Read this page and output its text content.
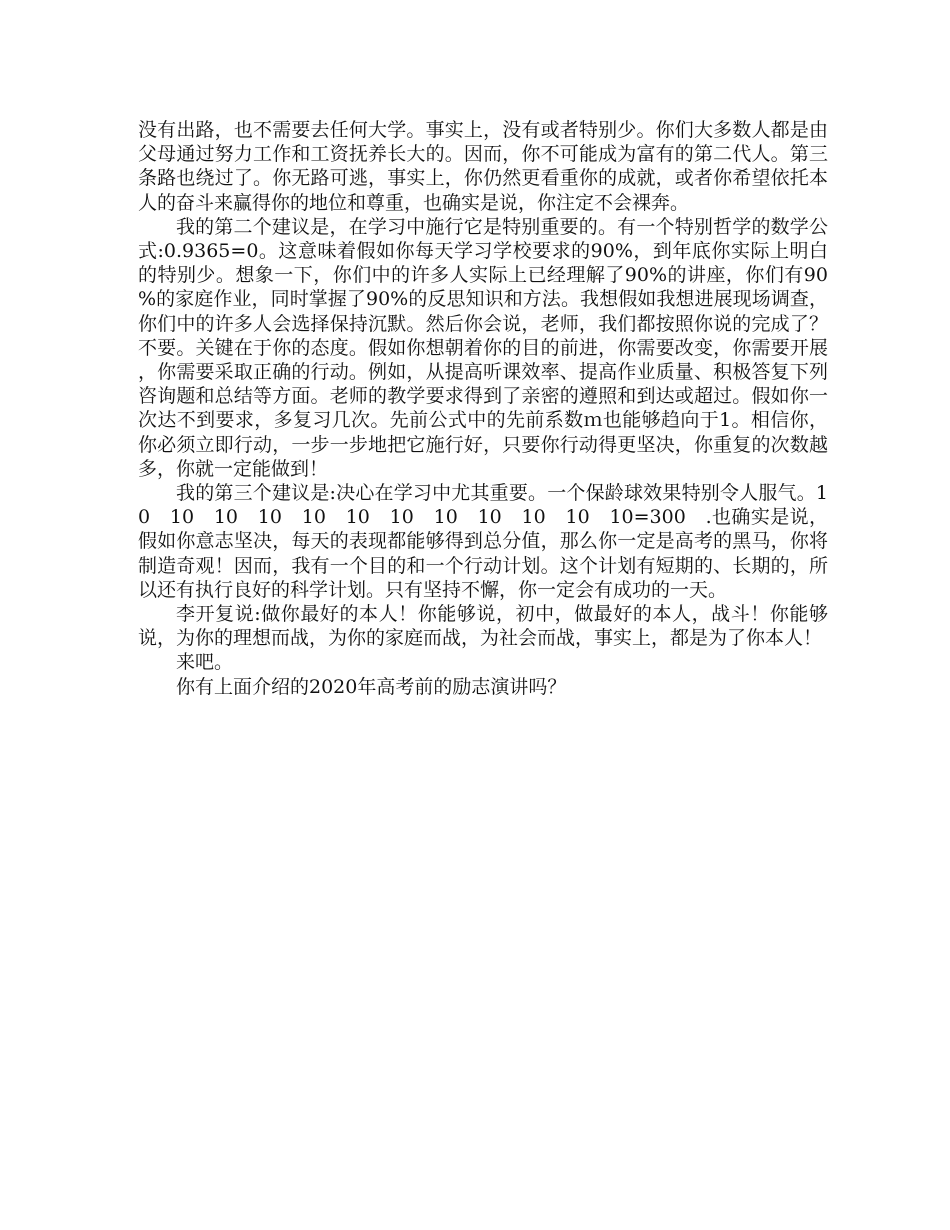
没有出路，也不需要去任何大学。事实上，没有或者特别少。你们大多数人都是由父母通过努力工作和工资抚养长大的。因而，你不可能成为富有的第二代人。第三条路也绕过了。你无路可逃，事实上，你仍然更看重你的成就，或者你希望依托本人的奋斗来赢得你的地位和尊重，也确实是说，你注定不会裸奔。

我的第二个建议是，在学习中施行它是特别重要的。有一个特别哲学的数学公式:0.9365=0。这意味着假如你每天学习学校要求的90%，到年底你实际上明白的特别少。想象一下，你们中的许多人实际上已经理解了90%的讲座，你们有90%的家庭作业，同时掌握了90%的反思知识和方法。我想假如我想进展现场调查，你们中的许多人会选择保持沉默。然后你会说，老师，我们都按照你说的完成了？不要。关键在于你的态度。假如你想朝着你的目的前进，你需要改变，你需要开展，你需要采取正确的行动。例如，从提高听课效率、提高作业质量、积极答复下列咨询题和总结等方面。老师的教学要求得到了亲密的遵照和到达或超过。假如你一次达不到要求，多复习几次。先前公式中的先前系数ｍ也能够趋向于1。相信你，你必须立即行动，一步一步地把它施行好，只要你行动得更坚决，你重复的次数越多，你就一定能做到！

我的第三个建议是:决心在学习中尤其重要。一个保龄球效果特别令人服气。10　10　10　10　10　10　10　10　10　10　10　10=300　.也确实是说，假如你意志坚决，每天的表现都能够得到总分值，那么你一定是高考的黑马，你将制造奇观！因而，我有一个目的和一个行动计划。这个计划有短期的、长期的，所以还有执行良好的科学计划。只有坚持不懈，你一定会有成功的一天。

李开复说:做你最好的本人！你能够说，初中，做最好的本人，战斗！你能够说，为你的理想而战，为你的家庭而战，为社会而战，事实上，都是为了你本人！

来吧。

你有上面介绍的2020年高考前的励志演讲吗？
